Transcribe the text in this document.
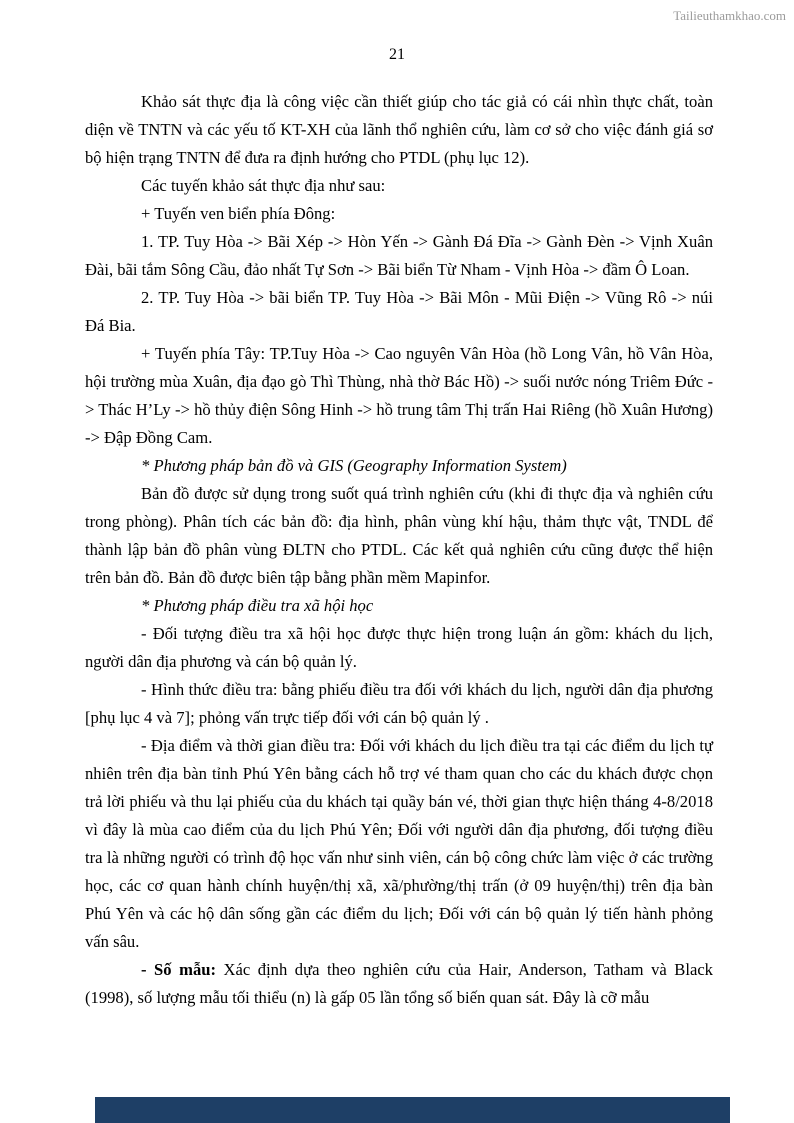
Tailieuthamkhao.com
21

Khảo sát thực địa là công việc cần thiết giúp cho tác giả có cái nhìn thực chất, toàn diện về TNTN và các yếu tố KT-XH của lãnh thổ nghiên cứu, làm cơ sở cho việc đánh giá sơ bộ hiện trạng TNTN để đưa ra định hướng cho PTDL (phụ lục 12).

Các tuyến khảo sát thực địa như sau:

+ Tuyến ven biển phía Đông:

1. TP. Tuy Hòa -> Bãi Xép -> Hòn Yến -> Gành Đá Đĩa -> Gành Đèn -> Vịnh Xuân Đài, bãi tắm Sông Cầu, đảo nhất Tự Sơn -> Bãi biển Từ Nham - Vịnh Hòa -> đầm Ô Loan.

2. TP. Tuy Hòa -> bãi biển TP. Tuy Hòa -> Bãi Môn - Mũi Điện -> Vũng Rô -> núi Đá Bia.

+ Tuyến phía Tây: TP.Tuy Hòa -> Cao nguyên Vân Hòa (hồ Long Vân, hồ Vân Hòa, hội trường mùa Xuân, địa đạo gò Thì Thùng, nhà thờ Bác Hồ) -> suối nước nóng Triêm Đức -> Thác H’Ly -> hồ thủy điện Sông Hinh -> hồ trung tâm Thị trấn Hai Riêng (hồ Xuân Hương) -> Đập Đồng Cam.

* Phương pháp bản đồ và GIS (Geography Information System)

Bản đồ được sử dụng trong suốt quá trình nghiên cứu (khi đi thực địa và nghiên cứu trong phòng). Phân tích các bản đồ: địa hình, phân vùng khí hậu, thảm thực vật, TNDL để thành lập bản đồ phân vùng ĐLTN cho PTDL. Các kết quả nghiên cứu cũng được thể hiện trên bản đồ. Bản đồ được biên tập bằng phần mềm Mapinfor.

* Phương pháp điều tra xã hội học

- Đối tượng điều tra xã hội học được thực hiện trong luận án gồm: khách du lịch, người dân địa phương và cán bộ quản lý.

- Hình thức điều tra: bằng phiếu điều tra đối với khách du lịch, người dân địa phương [phụ lục 4 và 7]; phỏng vấn trực tiếp đối với cán bộ quản lý .

- Địa điểm và thời gian điều tra: Đối với khách du lịch điều tra tại các điểm du lịch tự nhiên trên địa bàn tỉnh Phú Yên bằng cách hỗ trợ vé tham quan cho các du khách được chọn trả lời phiếu và thu lại phiếu của du khách tại quầy bán vé, thời gian thực hiện tháng 4-8/2018 vì đây là mùa cao điểm của du lịch Phú Yên; Đối với người dân địa phương, đối tượng điều tra là những người có trình độ học vấn như sinh viên, cán bộ công chức làm việc ở các trường học, các cơ quan hành chính huyện/thị xã, xã/phường/thị trấn (ở 09 huyện/thị) trên địa bàn Phú Yên và các hộ dân sống gần các điểm du lịch; Đối với cán bộ quản lý tiến hành phỏng vấn sâu.

- Số mẫu: Xác định dựa theo nghiên cứu của Hair, Anderson, Tatham và Black (1998), số lượng mẫu tối thiểu (n) là gấp 05 lần tổng số biến quan sát. Đây là cỡ mẫu
